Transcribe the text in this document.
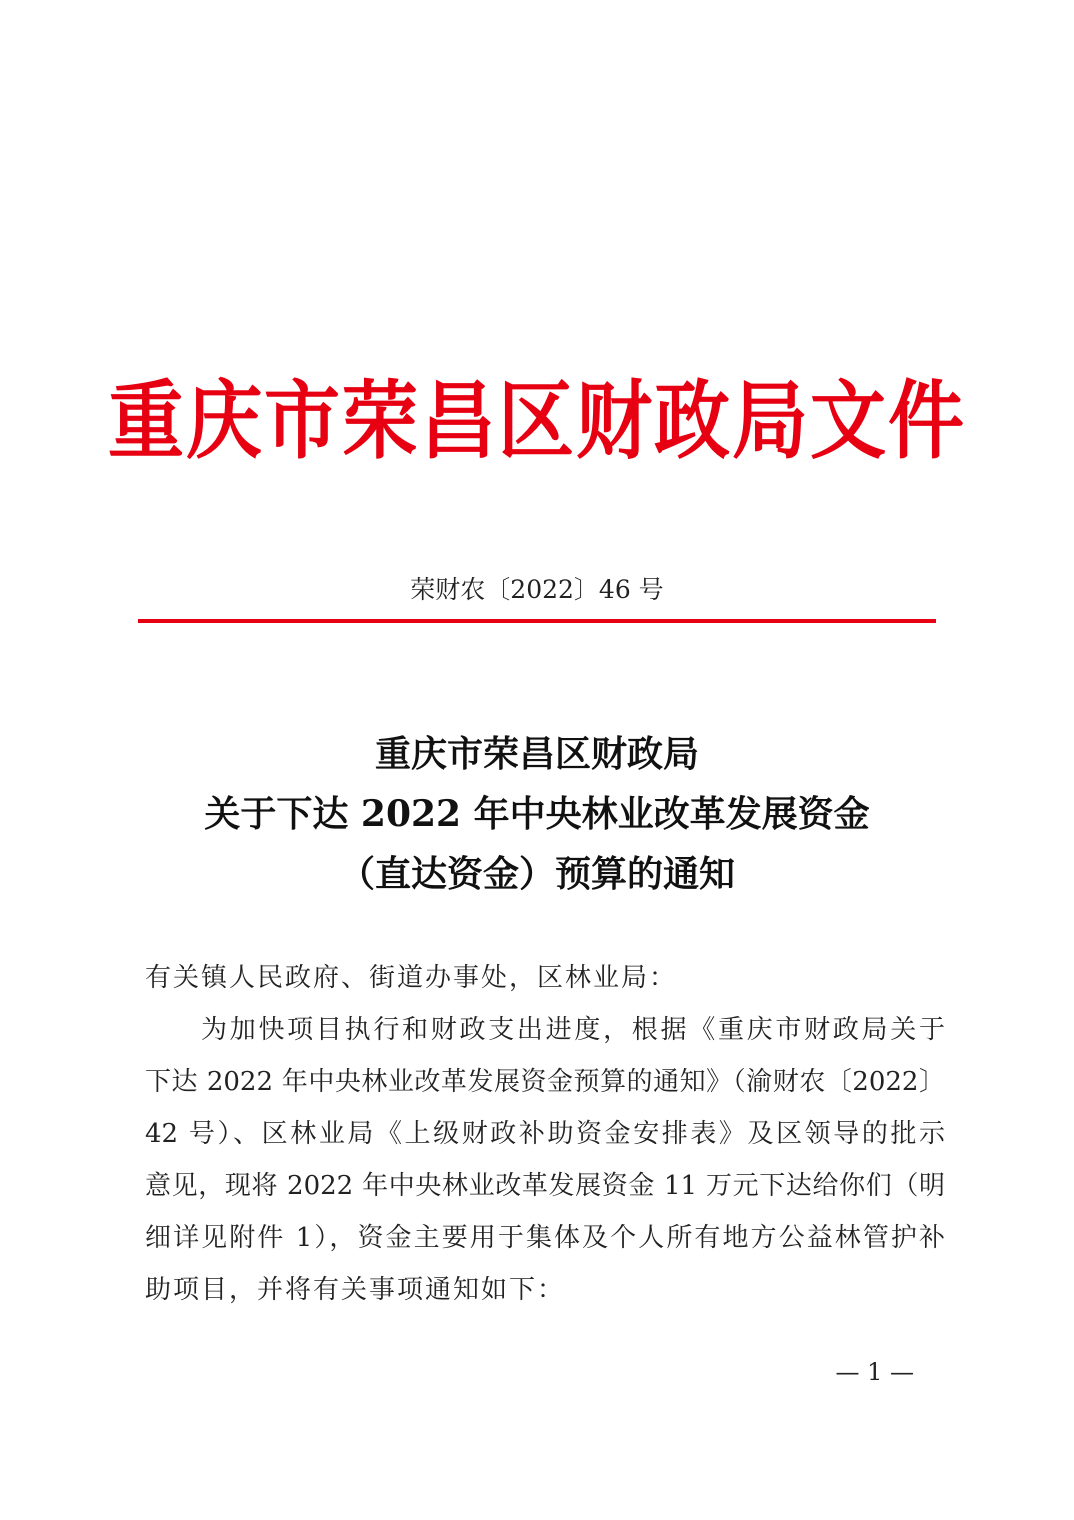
重庆市荣昌区财政局文件
荣财农〔2022〕46 号
重庆市荣昌区财政局
关于下达 2022 年中央林业改革发展资金
（直达资金）预算的通知
有关镇人民政府、街道办事处，区林业局：
为加快项目执行和财政支出进度，根据《重庆市财政局关于
下达 2022 年中央林业改革发展资金预算的通知》（渝财农〔2022〕
42 号）、区林业局《上级财政补助资金安排表》及区领导的批示
意见，现将 2022 年中央林业改革发展资金 11 万元下达给你们（明
细详见附件 1），资金主要用于集体及个人所有地方公益林管护补
助项目，并将有关事项通知如下：
— 1 —
